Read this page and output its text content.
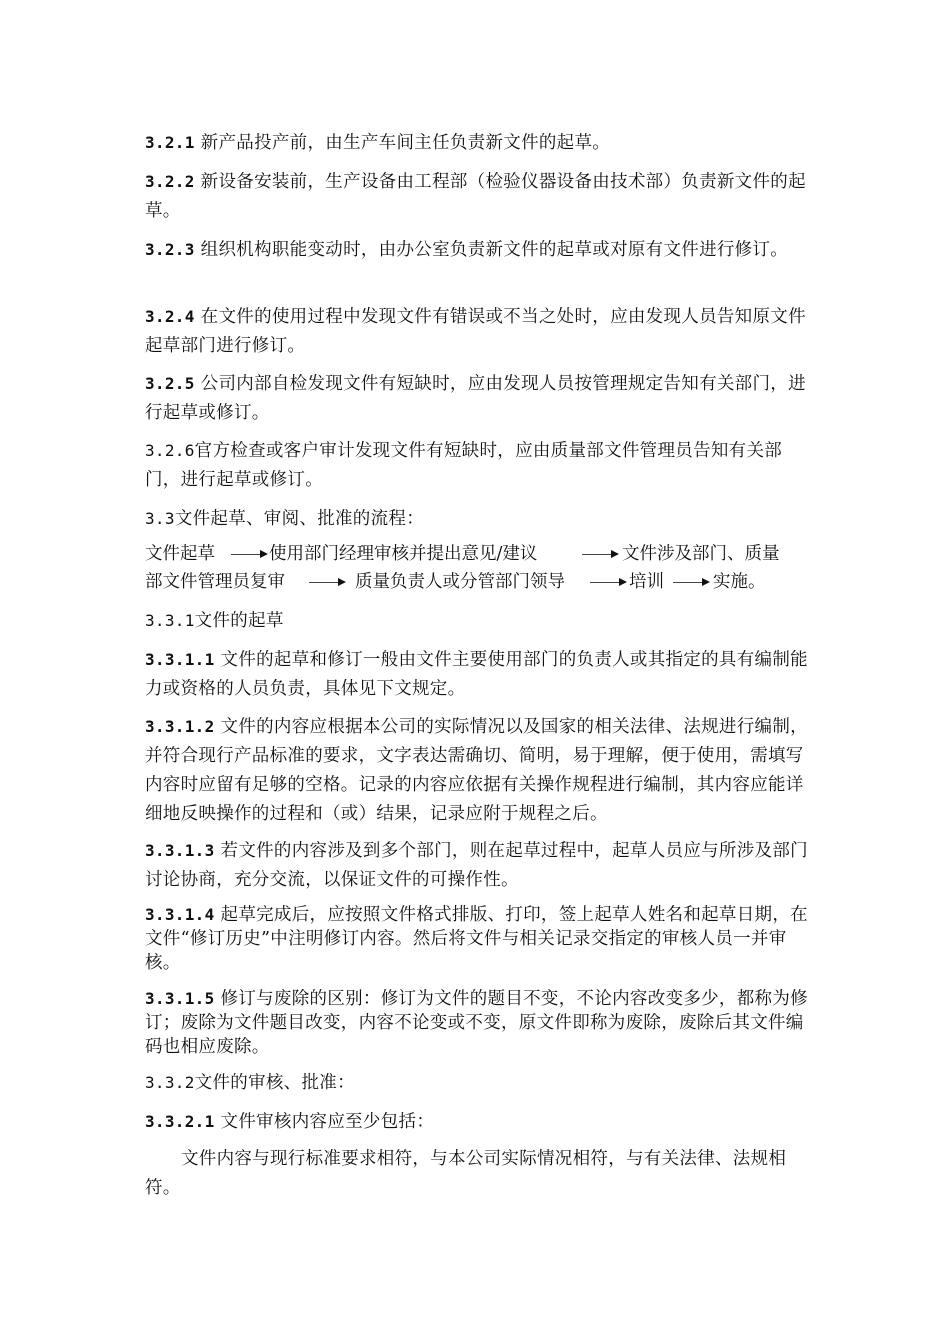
3.2.1 新产品投产前，由生产车间主任负责新文件的起草。

3.2.2 新设备安装前，生产设备由工程部（检验仪器设备由技术部）负责新文件的起草。

3.2.3 组织机构职能变动时，由办公室负责新文件的起草或对原有文件进行修订。

3.2.4 在文件的使用过程中发现文件有错误或不当之处时，应由发现人员告知原文件起草部门进行修订。

3.2.5 公司内部自检发现文件有短缺时，应由发现人员按管理规定告知有关部门，进行起草或修订。

3.2.6官方检查或客户审计发现文件有短缺时，应由质量部文件管理员告知有关部门，进行起草或修订。

3.3文件起草、审阅、批准的流程：

文件起草	使用部门经理审核并提出意见/建议	文件涉及部门、质量
部文件管理员复审	质量负责人或分管部门领导	培训	实施。

3.3.1文件的起草

3.3.1.1 文件的起草和修订一般由文件主要使用部门的负责人或其指定的具有编制能力或资格的人员负责，具体见下文规定。

3.3.1.2 文件的内容应根据本公司的实际情况以及国家的相关法律、法规进行编制，并符合现行产品标准的要求，文字表达需确切、简明，易于理解，便于使用，需填写内容时应留有足够的空格。记录的内容应依据有关操作规程进行编制，其内容应能详细地反映操作的过程和（或）结果，记录应附于规程之后。

3.3.1.3 若文件的内容涉及到多个部门，则在起草过程中，起草人员应与所涉及部门讨论协商，充分交流，以保证文件的可操作性。

3.3.1.4 起草完成后，应按照文件格式排版、打印，签上起草人姓名和起草日期，在文件“修订历史”中注明修订内容。然后将文件与相关记录交指定的审核人员一并审核。

3.3.1.5 修订与废除的区别：修订为文件的题目不变，不论内容改变多少，都称为修订；废除为文件题目改变，内容不论变或不变，原文件即称为废除，废除后其文件编码也相应废除。

3.3.2文件的审核、批准：

3.3.2.1 文件审核内容应至少包括：

文件内容与现行标准要求相符，与本公司实际情况相符，与有关法律、法规相符。
